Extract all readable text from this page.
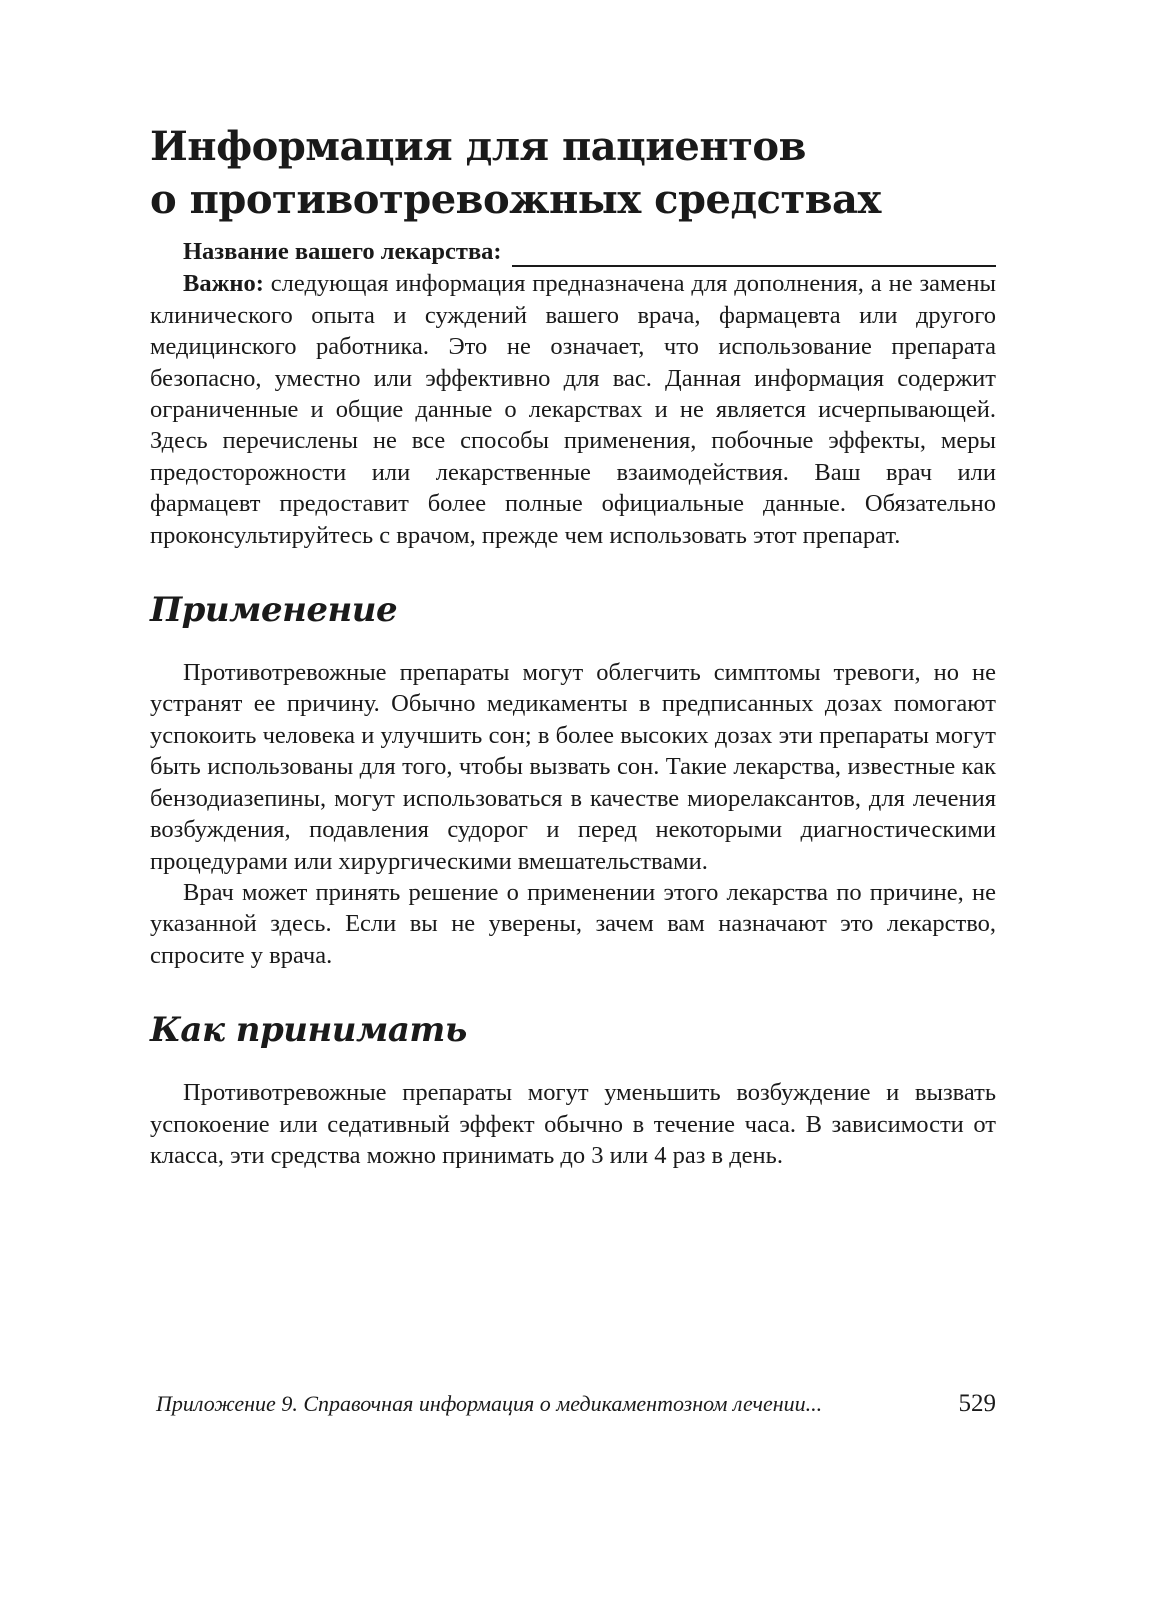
Информация для пациентов
о противотревожных средствах
Название вашего лекарства:

Важно: следующая информация предназначена для дополнения, а не замены клинического опыта и суждений вашего врача, фармацевта или другого медицинского работника. Это не означает, что использование препарата безопасно, уместно или эффективно для вас. Данная информация содержит ограниченные и общие данные о лекарствах и не является исчерпывающей. Здесь перечислены не все способы применения, побочные эффекты, меры предосторожности или лекарственные взаимодействия. Ваш врач или фармацевт предоставит более полные официальные данные. Обязательно проконсультируйтесь с врачом, прежде чем использовать этот препарат.

Применение

Противотревожные препараты могут облегчить симптомы тревоги, но не устранят ее причину. Обычно медикаменты в предписанных дозах помогают успокоить человека и улучшить сон; в более высоких дозах эти препараты могут быть использованы для того, чтобы вызвать сон. Такие лекарства, известные как бензодиазепины, могут использоваться в качестве миорелаксантов, для лечения возбуждения, подавления судорог и перед некоторыми диагностическими процедурами или хирургическими вмешательствами.

Врач может принять решение о применении этого лекарства по причине, не указанной здесь. Если вы не уверены, зачем вам назначают это лекарство, спросите у врача.

Как принимать

Противотревожные препараты могут уменьшить возбуждение и вызвать успокоение или седативный эффект обычно в течение часа. В зависимости от класса, эти средства можно принимать до 3 или 4 раз в день.

Приложение 9. Справочная информация о медикаментозном лечении...	529
